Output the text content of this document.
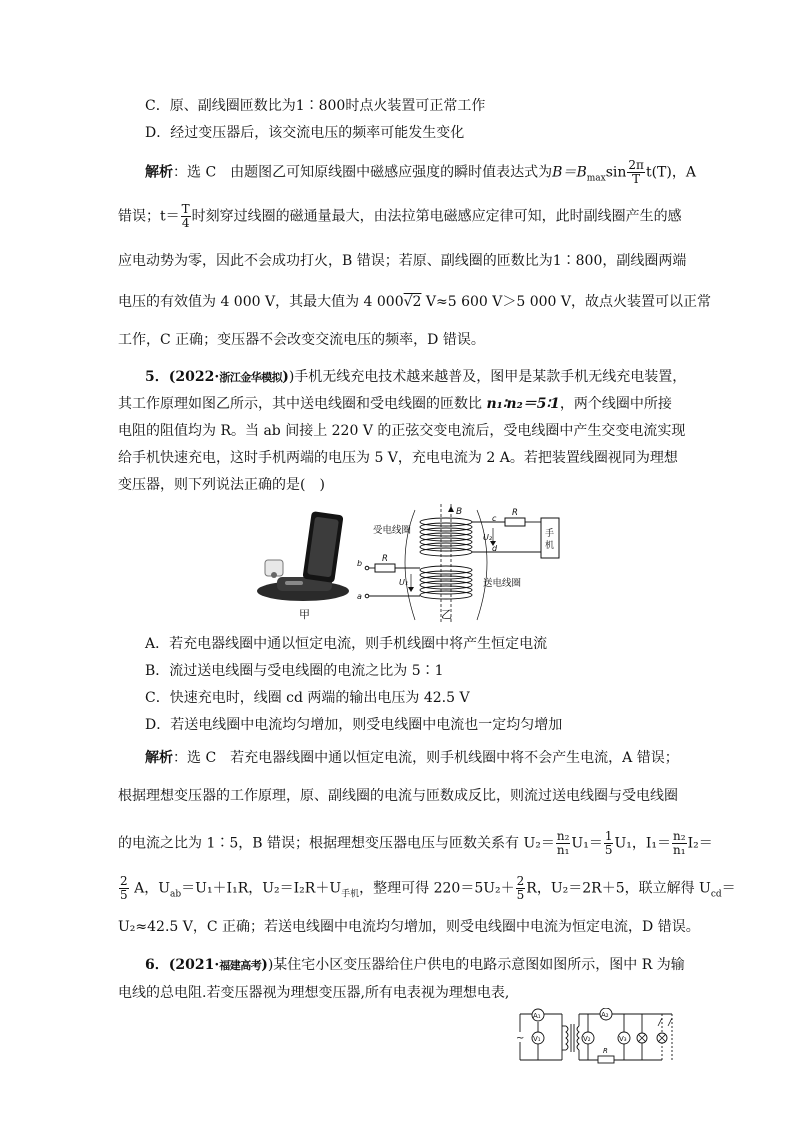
C．原、副线圈匝数比为1∶800时点火装置可正常工作
D．经过变压器后，该交流电压的频率可能发生变化
解析：选 C　由题图乙可知原线圈中磁感应强度的瞬时值表达式为$B=B_{max}\sin \frac{2\pi}{T} t(T)$，A
错误；$t= \frac{T}{4}$ 时刻穿过线圈的磁通量最大，由法拉第电磁感应定律可知，此时副线圈产生的感
应电动势为零，因此不会成功打火，B 错误；若原、副线圈的匝数比为1∶800，副线圈两端
电压的有效值为 4 000 V，其最大值为 4 000√2 V≈5 600 V＞5 000 V，故点火装置可以正常
工作，C 正确；变压器不会改变交流电压的频率，D 错误。
5．(2022·浙江金华模拟))手机无线充电技术越来越普及，图甲是某款手机无线充电装置，
其工作原理如图乙所示，其中送电线圈和受电线圈的匝数比 n₁∶n₂＝5∶1，两个线圈中所接
电阻的阻值均为 R。当 ab 间接上 220 V 的正弦交变电流后，受电线圈中产生交变电流实现
给手机快速充电，这时手机两端的电压为 5 V，充电电流为 2 A。若把装置线圈视同为理想
变压器，则下列说法正确的是(　)
甲
B
受电线圈
送电线圈
R
手
机
c
d
U₂
R
b
a
U₁
乙
A．若充电器线圈中通以恒定电流，则手机线圈中将产生恒定电流
B．流过送电线圈与受电线圈的电流之比为 5∶1
C．快速充电时，线圈 cd 两端的输出电压为 42.5 V
D．若送电线圈中电流均匀增加，则受电线圈中电流也一定均匀增加
解析：选 C　若充电器线圈中通以恒定电流，则手机线圈中将不会产生电流，A 错误；
根据理想变压器的工作原理，原、副线圈的电流与匝数成反比，则流过送电线圈与受电线圈
的电流之比为 1∶5，B 错误；根据理想变压器电压与匝数关系有 $U_2= \frac{\text{n₂}}{\text{n₁}} U_1= \frac{1}{5} U_1$，$I_1= \frac{\text{n₂}}{\text{n₁}} I_2=$
$\frac{2}{5}$ A，$U_{ab}=U_1+I_1R$，$U_2=I_2R+U_{手机}$，整理可得 $220=5U_2+ \frac{2}{5}$ R，U₂＝2R＋5，联立解得 $U_{cd}=$
U₂≈42.5 V，C 正确；若送电线圈中电流均匀增加，则受电线圈中电流为恒定电流，D 错误。
6．(2021·福建高考))某住宅小区变压器给住户供电的电路示意图如图所示，图中 R 为输
电线的总电阻.若变压器视为理想变压器,所有电表视为理想电表,
~
A₁
V₁
A₂
V₂	V₃
R
